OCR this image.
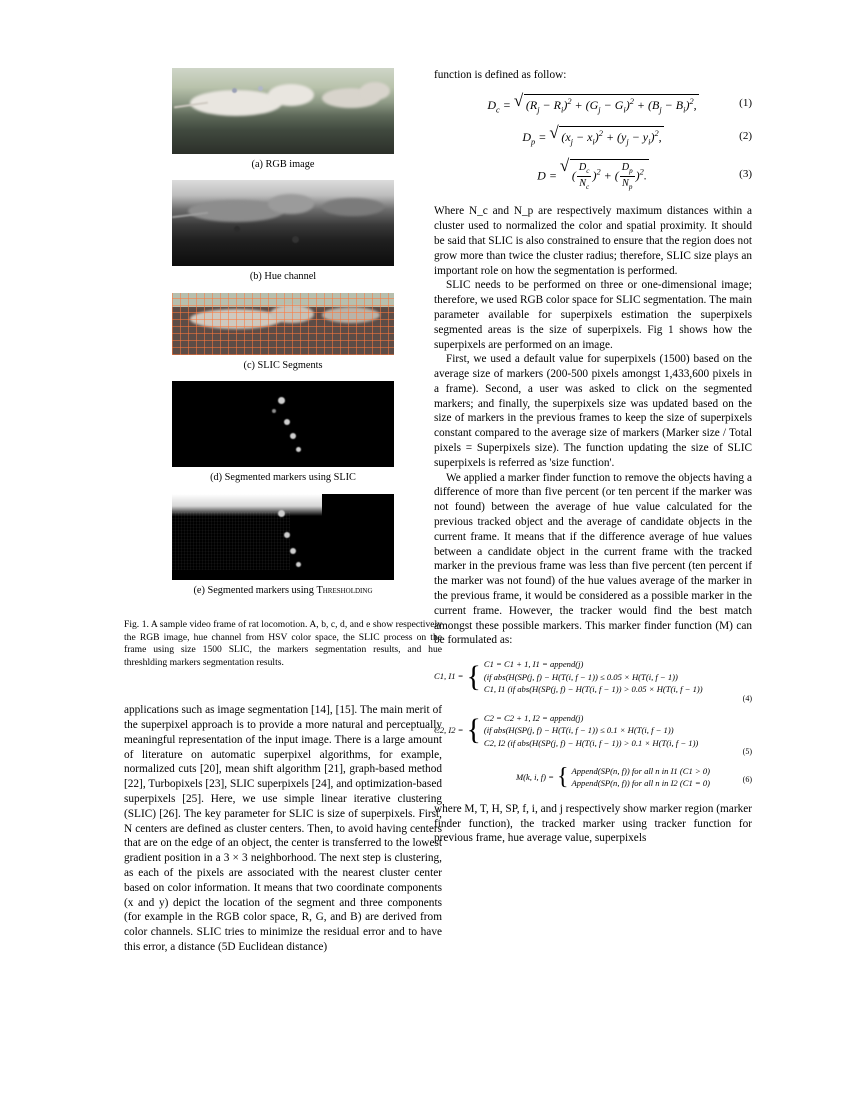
(a) RGB image
(b) Hue channel
(c) SLIC Segments
(d) Segmented markers using SLIC
(e) Segmented markers using Thresholding
Fig. 1. A sample video frame of rat locomotion. A, b, c, d, and e show respectively the RGB image, hue channel from HSV color space, the SLIC process on the frame using size 1500 SLIC, the markers segmentation results, and hue threshlding markers segmentation results.

applications such as image segmentation [14], [15]. The main merit of the superpixel approach is to provide a more natural and perceptually meaningful representation of the input image. There is a large amount of literature on automatic superpixel algorithms, for example, normalized cuts [20], mean shift algorithm [21], graph-based method [22], Turbopixels [23], SLIC superpixels [24], and optimization-based superpixels [25]. Here, we use simple linear iterative clustering (SLIC) [26]. The key parameter for SLIC is size of superpixels. First, N centers are defined as cluster centers. Then, to avoid having centers that are on the edge of an object, the center is transferred to the lowest gradient position in a 3 × 3 neighborhood. The next step is clustering, as each of the pixels are associated with the nearest cluster center based on color information. It means that two coordinate components (x and y) depict the location of the segment and three components (for example in the RGB color space, R, G, and B) are derived from color channels. SLIC tries to minimize the residual error and to have this error, a distance (5D Euclidean distance)

function is defined as follow:
$D_c$ = √ $(R_j - R_i)^2 + (G_j - G_i)^2 + (B_j - B_i)^2$,	(1)
$D_p$ = √ $(x_j - x_i)^2 + (y_j - y_i)^2$,	(2)
D = √ ( $\frac{D_c}{N_c} )^2$ + ( $\frac{D_p}{N_p} )^2$.	(3)

Where N_c and N_p are respectively maximum distances within a cluster used to normalized the color and spatial proximity. It should be said that SLIC is also constrained to ensure that the region does not grow more than twice the cluster radius; therefore, SLIC size plays an important role on how the segmentation is performed.

SLIC needs to be performed on three or one-dimensional image; therefore, we used RGB color space for SLIC segmentation. The main parameter available for superpixels estimation the superpixels segmented areas is the size of superpixels. Fig 1 shows how the superpixels are performed on an image.

First, we used a default value for superpixels (1500) based on the average size of markers (200-500 pixels amongst 1,433,600 pixels in a frame). Second, a user was asked to click on the segmented markers; and finally, the superpixels size was updated based on the size of markers in the previous frames to keep the size of superpixels constant compared to the average size of markers (Marker size / Total pixels = Superpixels size). The function updating the size of SLIC superpixels is referred as 'size function'.

We applied a marker finder function to remove the objects having a difference of more than five percent (or ten percent if the marker was not found) between the average of hue value calculated for the previous tracked object and the average of candidate objects in the current frame. It means that if the difference average of hue values between a candidate object in the current frame with the tracked marker in the previous frame was less than five percent (ten percent if the marker was not found) of the hue values average of the marker in the previous frame, it would be considered as a possible marker in the current frame. However, the tracker would find the best match amongst these possible markers. This marker finder function (M) can be formulated as:

C1, I1 = { C1 = C1 + 1, I1 = append(j)
(if abs(H(SP(j, f) − H(T(i, f − 1)) ≤ 0.05 × H(T(i, f − 1))
C1, I1 (if abs(H(SP(j, f) − H(T(i, f − 1)) > 0.05 × H(T(i, f − 1))
(4)
C2, I2 = { C2 = C2 + 1, I2 = append(j)
(if abs(H(SP(j, f) − H(T(i, f − 1)) ≤ 0.1 × H(T(i, f − 1))
C2, I2 (if abs(H(SP(j, f) − H(T(i, f − 1)) > 0.1 × H(T(i, f − 1))
(5)
M(k, i, f) = { Append(SP(n, f)) for all n in I1 (C1 > 0)
Append(SP(n, f)) for all n in I2 (C1 = 0)	(6)

where M, T, H, SP, f, i, and j respectively show marker region (marker finder function), the tracked marker using tracker function for previous frame, hue average value, superpixels
